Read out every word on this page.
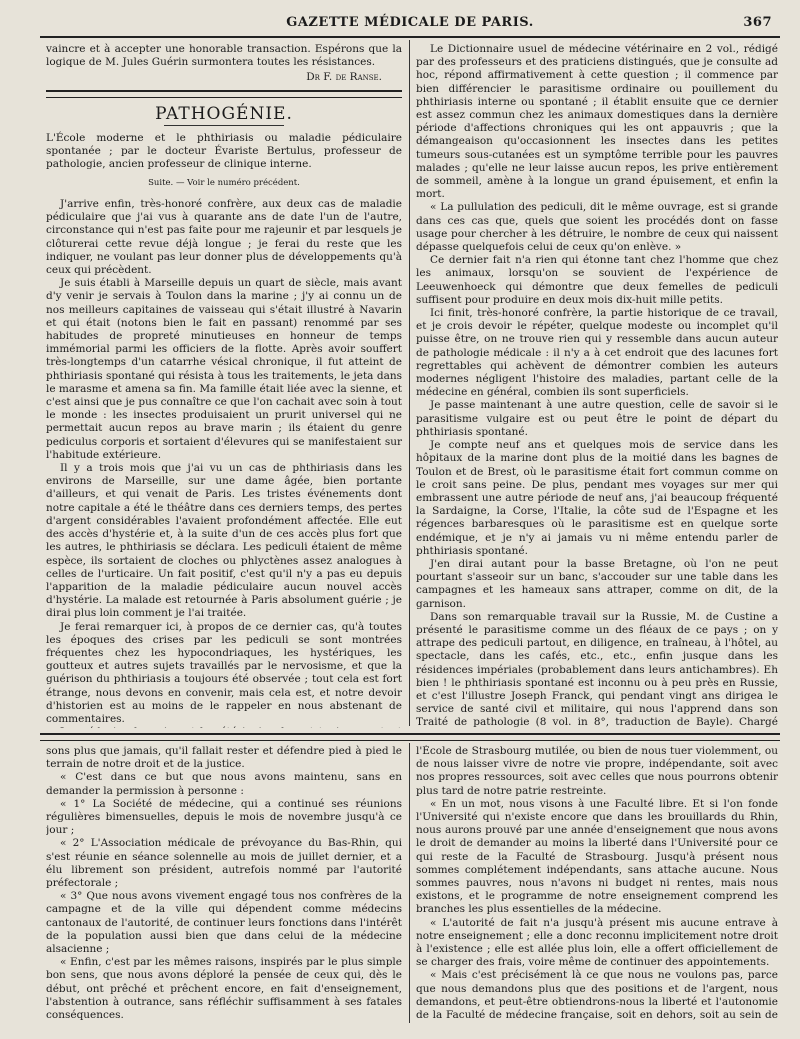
GAZETTE MÉDICALE DE PARIS.	367

vaincre et à accepter une honorable transaction. Espérons que la logique de M. Jules Guérin surmontera toutes les résistances.

Dr F. de Ranse.
PATHOGÉNIE.

L'École moderne et le phthiriasis ou maladie pédiculaire spontanée ; par le docteur Évariste Bertulus, professeur de pathologie, ancien professeur de clinique interne.

Suite. — Voir le numéro précédent.

J'arrive enfin, très-honoré confrère, aux deux cas de maladie pédiculaire que j'ai vus à quarante ans de date l'un de l'autre, circonstance qui n'est pas faite pour me rajeunir et par lesquels je clôturerai cette revue déjà longue ; je ferai du reste que les indiquer, ne voulant pas leur donner plus de développements qu'à ceux qui précèdent.

Je suis établi à Marseille depuis un quart de siècle, mais avant d'y venir je servais à Toulon dans la marine ; j'y ai connu un de nos meilleurs capitaines de vaisseau qui s'était illustré à Navarin et qui était (notons bien le fait en passant) renommé par ses habitudes de propreté minutieuses en honneur de temps immémorial parmi les officiers de la flotte. Après avoir souffert très-longtemps d'un catarrhe vésical chronique, il fut atteint de phthiriasis spontané qui résista à tous les traitements, le jeta dans le marasme et amena sa fin. Ma famille était liée avec la sienne, et c'est ainsi que je pus connaître ce que l'on cachait avec soin à tout le monde : les insectes produisaient un prurit universel qui ne permettait aucun repos au brave marin ; ils étaient du genre pediculus corporis et sortaient d'élevures qui se manifestaient sur l'habitude extérieure.

Il y a trois mois que j'ai vu un cas de phthiriasis dans les environs de Marseille, sur une dame âgée, bien portante d'ailleurs, et qui venait de Paris. Les tristes événements dont notre capitale a été le théâtre dans ces derniers temps, des pertes d'argent considérables l'avaient profondément affectée. Elle eut des accès d'hystérie et, à la suite d'un de ces accès plus fort que les autres, le phthiriasis se déclara. Les pediculi étaient de même espèce, ils sortaient de cloches ou phlyctènes assez analogues à celles de l'urticaire. Un fait positif, c'est qu'il n'y a pas eu depuis l'apparition de la maladie pédiculaire aucun nouvel accès d'hystérie. La malade est retournée à Paris absolument guérie ; je dirai plus loin comment je l'ai traitée.

Je ferai remarquer ici, à propos de ce dernier cas, qu'à toutes les époques des crises par les pediculi se sont montrées fréquentes chez les hypocondriaques, les hystériques, les goutteux et autres sujets travaillés par le nervosisme, et que la guérison du phthiriasis a toujours été observée ; tout cela est fort étrange, nous devons en convenir, mais cela est, et notre devoir d'historien est au moins de le rappeler en nous abstenant de commentaires.

Le Dictionnaire usuel de médecine vétérinaire en 2 vol., rédigé par des professeurs et des praticiens distingués, que je consulte ad hoc, répond affirmativement à cette question ; il commence par bien différencier le parasitisme ordinaire ou pouillement du phthiriasis interne ou spontané ; il établit ensuite que ce dernier est assez commun chez les animaux domestiques dans la dernière période d'affections chroniques qui les ont appauvris ; que la démangeaison qu'occasionnent les insectes dans les petites tumeurs sous-cutanées est un symptôme terrible pour les pauvres malades ; qu'elle ne leur laisse aucun repos, les prive entièrement de sommeil, amène à la longue un grand épuisement, et enfin la mort.

« La pullulation des pediculi, dit le même ouvrage, est si grande dans ces cas que, quels que soient les procédés dont on fasse usage pour chercher à les détruire, le nombre de ceux qui naissent dépasse quelquefois celui de ceux qu'on enlève. »

Ce dernier fait n'a rien qui étonne tant chez l'homme que chez les animaux, lorsqu'on se souvient de l'expérience de Leeuwenhoeck qui démontre que deux femelles de pediculi suffisent pour produire en deux mois dix-huit mille petits.

Ici finit, très-honoré confrère, la partie historique de ce travail, et je crois devoir le répéter, quelque modeste ou incomplet qu'il puisse être, on ne trouve rien qui y ressemble dans aucun auteur de pathologie médicale : il n'y a à cet endroit que des lacunes fort regrettables qui achèvent de démontrer combien les auteurs modernes négligent l'histoire des maladies, partant celle de la médecine en général, combien ils sont superficiels.

Je passe maintenant à une autre question, celle de savoir si le parasitisme vulgaire est ou peut être le point de départ du phthiriasis spontané.

Je compte neuf ans et quelques mois de service dans les hôpitaux de la marine dont plus de la moitié dans les bagnes de Toulon et de Brest, où le parasitisme était fort commun comme on le croit sans peine. De plus, pendant mes voyages sur mer qui embrassent une autre période de neuf ans, j'ai beaucoup fréquenté la Sardaigne, la Corse, l'Italie, la côte sud de l'Espagne et les régences barbaresques où le parasitisme est en quelque sorte endémique, et je n'y ai jamais vu ni même entendu parler de phthiriasis spontané.

J'en dirai autant pour la basse Bretagne, où l'on ne peut pourtant s'asseoir sur un banc, s'accouder sur une table dans les campagnes et les hameaux sans attraper, comme on dit, de la garnison.

Dans son remarquable travail sur la Russie, M. de Custine a présenté le parasitisme comme un des fléaux de ce pays ; on y attrape des pediculi partout, en diligence, en traîneau, à l'hôtel, au spectacle, dans les cafés, etc., etc., enfin jusque dans les résidences impériales (probablement dans leurs antichambres). Eh bien ! le phthiriasis spontané est inconnu ou à peu près en Russie, et c'est l'illustre Joseph Franck, qui pendant vingt ans dirigea le service de santé civil et militaire, qui nous l'apprend dans son Traité de pathologie (8 vol. in 8°, traduction de Bayle). Chargé

sons plus que jamais, qu'il fallait rester et défendre pied à pied le terrain de notre droit et de la justice.

« C'est dans ce but que nous avons maintenu, sans en demander la permission à personne :

« 1° La Société de médecine, qui a continué ses réunions régulières bimensuelles, depuis le mois de novembre jusqu'à ce jour ;

« 2° L'Association médicale de prévoyance du Bas-Rhin, qui s'est réunie en séance solennelle au mois de juillet dernier, et a élu librement son président, autrefois nommé par l'autorité préfectorale ;

« 3° Que nous avons vivement engagé tous nos confrères de la campagne et de la ville qui dépendent comme médecins cantonaux de l'autorité, de continuer leurs fonctions dans l'intérêt de la population aussi bien que dans celui de la médecine alsacienne ;

« Enfin, c'est par les mêmes raisons, inspirés par le plus simple bon sens, que nous avons déploré la pensée de ceux qui, dès le début, ont prêché et prêchent encore, en fait d'enseignement, l'abstention à outrance, sans réfléchir suffisamment à ses fatales conséquences.

l'École de Strasbourg mutilée, ou bien de nous tuer violemment, ou de nous laisser vivre de notre vie propre, indépendante, soit avec nos propres ressources, soit avec celles que nous pourrons obtenir plus tard de notre patrie restreinte.

« En un mot, nous visons à une Faculté libre. Et si l'on fonde l'Université qui n'existe encore que dans les brouillards du Rhin, nous aurons prouvé par une année d'enseignement que nous avons le droit de demander au moins la liberté dans l'Université pour ce qui reste de la Faculté de Strasbourg. Jusqu'à présent nous sommes complétement indépendants, sans attache aucune. Nous sommes pauvres, nous n'avons ni budget ni rentes, mais nous existons, et le programme de notre enseignement comprend les branches les plus essentielles de la médecine.

« L'autorité de fait n'a jusqu'à présent mis aucune entrave à notre enseignement ; elle a donc reconnu implicitement notre droit à l'existence ; elle est allée plus loin, elle a offert officiellement de se charger des frais, voire même de continuer des appointements.

« Mais c'est précisément là ce que nous ne voulons pas, parce que nous demandons plus que des positions et de l'argent, nous demandons, et peut-être obtiendrons-nous la liberté et l'autonomie de la Faculté de médecine française, soit en dehors, soit au sein de
